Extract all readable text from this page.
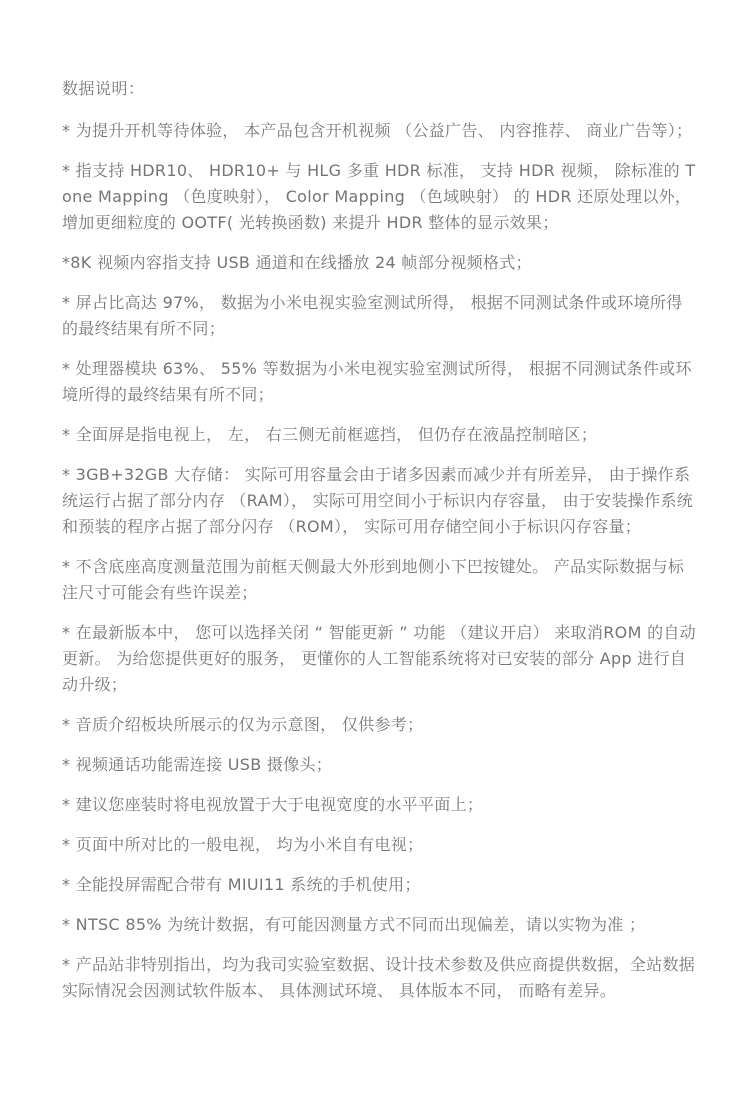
数据说明：
* 为提升开机等待体验， 本产品包含开机视频 （公益广告、 内容推荐、 商业广告等）；
* 指支持 HDR10、 HDR10+ 与 HLG 多重 HDR 标准， 支持 HDR 视频， 除标准的 Tone Mapping （色度映射）， Color Mapping （色域映射） 的 HDR 还原处理以外，增加更细粒度的 OOTF( 光转换函数) 来提升 HDR 整体的显示效果；
*8K 视频内容指支持 USB 通道和在线播放 24 帧部分视频格式；
* 屏占比高达 97%， 数据为小米电视实验室测试所得， 根据不同测试条件或环境所得的最终结果有所不同；
* 处理器模块 63%、 55% 等数据为小米电视实验室测试所得， 根据不同测试条件或环境所得的最终结果有所不同；
* 全面屏是指电视上， 左， 右三侧无前框遮挡， 但仍存在液晶控制暗区；
* 3GB+32GB 大存储： 实际可用容量会由于诸多因素而减少并有所差异， 由于操作系统运行占据了部分内存 （RAM）， 实际可用空间小于标识内存容量， 由于安装操作系统和预装的程序占据了部分闪存 （ROM）， 实际可用存储空间小于标识闪存容量；
* 不含底座高度测量范围为前框天侧最大外形到地侧小下巴按键处。 产品实际数据与标注尺寸可能会有些许误差；
* 在最新版本中， 您可以选择关闭 “ 智能更新 ” 功能 （建议开启） 来取消ROM 的自动更新。 为给您提供更好的服务， 更懂你的人工智能系统将对已安装的部分 App 进行自动升级；
* 音质介绍板块所展示的仅为示意图， 仅供参考；
* 视频通话功能需连接 USB 摄像头；
* 建议您座装时将电视放置于大于电视宽度的水平平面上；
* 页面中所对比的一般电视， 均为小米自有电视；
* 全能投屏需配合带有 MIUI11 系统的手机使用；
* NTSC 85% 为统计数据，有可能因测量方式不同而出现偏差，请以实物为准 ；
* 产品站非特别指出，均为我司实验室数据、设计技术参数及供应商提供数据，全站数据实际情况会因测试软件版本、 具体测试环境、 具体版本不同， 而略有差异。
